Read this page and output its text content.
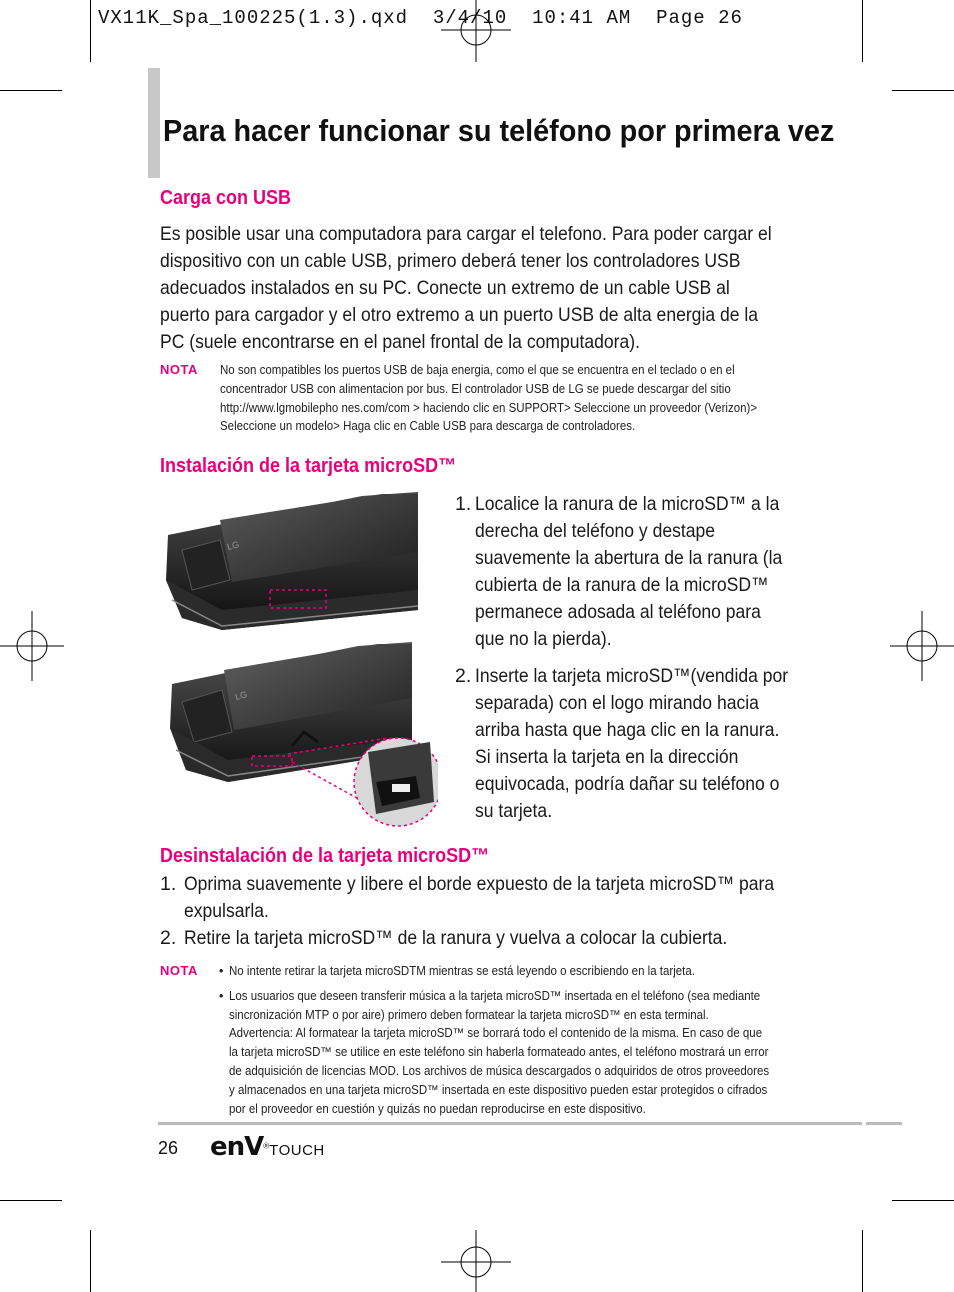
VX11K_Spa_100225(1.3).qxd  3/4/10  10:41 AM  Page 26
Para hacer funcionar su teléfono por primera vez
Carga con USB
Es posible usar una computadora para cargar el telefono. Para poder cargar el dispositivo con un cable USB, primero deberá tener los controladores USB adecuados instalados en su PC. Conecte un extremo de un cable USB al puerto para cargador y el otro extremo a un puerto USB de alta energia de la PC (suele encontrarse en el panel frontal de la computadora).
NOTA No son compatibles los puertos USB de baja energia, como el que se encuentra en el teclado o en el concentrador USB con alimentacion por bus. El controlador USB de LG se puede descargar del sitio http://www.lgmobilepho nes.com/com > haciendo clic en SUPPORT> Seleccione un proveedor (Verizon)> Seleccione un modelo> Haga clic en Cable USB para descarga de controladores.
Instalación de la tarjeta microSD™
LG
LG
1. Localice la ranura de la microSD™ a la derecha del teléfono y destape suavemente la abertura de la ranura (la cubierta de la ranura de la microSD™ permanece adosada al teléfono para que no la pierda).
2. Inserte la tarjeta microSD™(vendida por separada) con el logo mirando hacia arriba hasta que haga clic en la ranura. Si inserta la tarjeta en la dirección equivocada, podría dañar su teléfono o su tarjeta.
Desinstalación de la tarjeta microSD™
1. Oprima suavemente y libere el borde expuesto de la tarjeta microSD™ para expulsarla.
2. Retire la tarjeta microSD™ de la ranura y vuelva a colocar la cubierta.
NOTA • No intente retirar la tarjeta microSDTM mientras se está leyendo o escribiendo en la tarjeta.
• Los usuarios que deseen transferir música a la tarjeta microSD™ insertada en el teléfono (sea mediante sincronización MTP o por aire) primero deben formatear la tarjeta microSD™ en esta terminal. Advertencia: Al formatear la tarjeta microSD™ se borrará todo el contenido de la misma. En caso de que la tarjeta microSD™ se utilice en este teléfono sin haberla formateado antes, el teléfono mostrará un error de adquisición de licencias MOD. Los archivos de música descargados o adquiridos de otros proveedores y almacenados en una tarjeta microSD™ insertada en este dispositivo pueden estar protegidos o cifrados por el proveedor en cuestión y quizás no puedan reproducirse en este dispositivo.
26 enV®TOUCH
